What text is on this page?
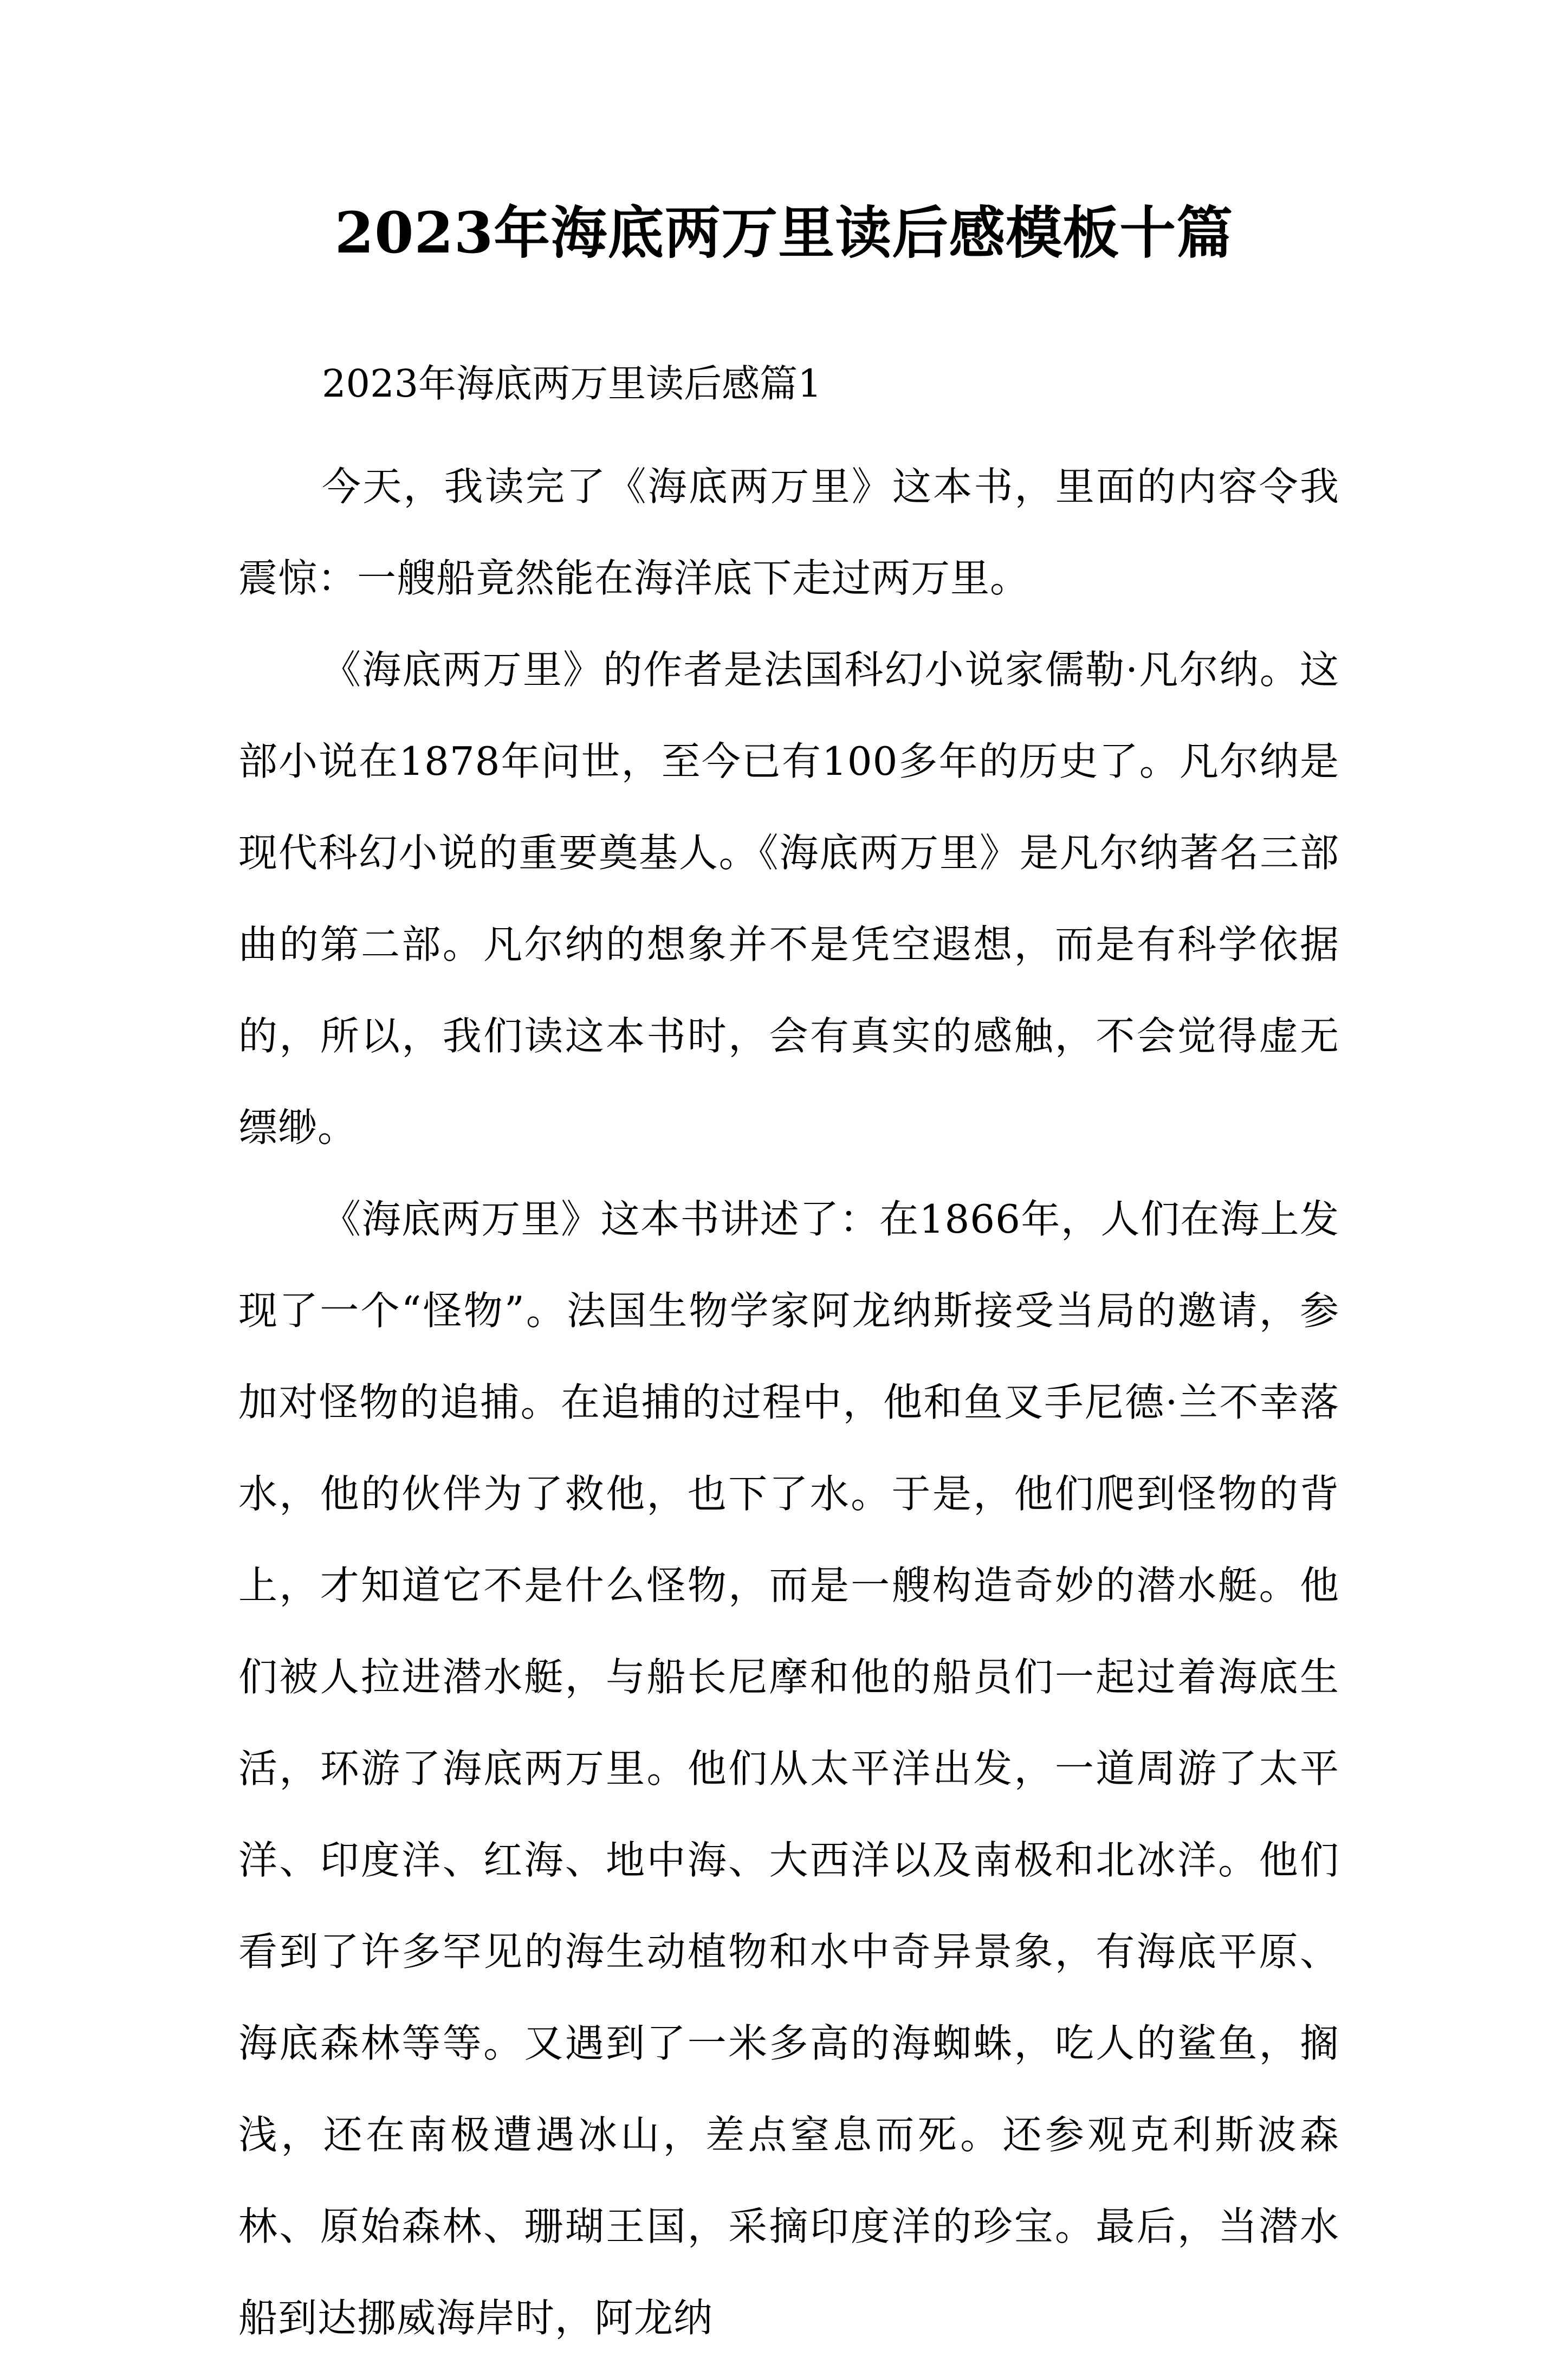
2023年海底两万里读后感模板十篇
2023年海底两万里读后感篇1

今天，我读完了《海底两万里》这本书，里面的内容令我震惊：一艘船竟然能在海洋底下走过两万里。

《海底两万里》的作者是法国科幻小说家儒勒·凡尔纳。这部小说在1878年问世，至今已有100多年的历史了。凡尔纳是现代科幻小说的重要奠基人。《海底两万里》是凡尔纳著名三部曲的第二部。凡尔纳的想象并不是凭空遐想，而是有科学依据的，所以，我们读这本书时，会有真实的感触，不会觉得虚无缥缈。

《海底两万里》这本书讲述了：在1866年，人们在海上发现了一个“怪物”。法国生物学家阿龙纳斯接受当局的邀请，参加对怪物的追捕。在追捕的过程中，他和鱼叉手尼德·兰不幸落水，他的伙伴为了救他，也下了水。于是，他们爬到怪物的背上，才知道它不是什么怪物，而是一艘构造奇妙的潜水艇。他们被人拉进潜水艇，与船长尼摩和他的船员们一起过着海底生活，环游了海底两万里。他们从太平洋出发，一道周游了太平洋、印度洋、红海、地中海、大西洋以及南极和北冰洋。他们看到了许多罕见的海生动植物和水中奇异景象，有海底平原、海底森林等等。又遇到了一米多高的海蜘蛛，吃人的鲨鱼，搁浅，还在南极遭遇冰山，差点窒息而死。还参观克利斯波森林、原始森林、珊瑚王国，采摘印度洋的珍宝。最后，当潜水船到达挪威海岸时，阿龙纳
